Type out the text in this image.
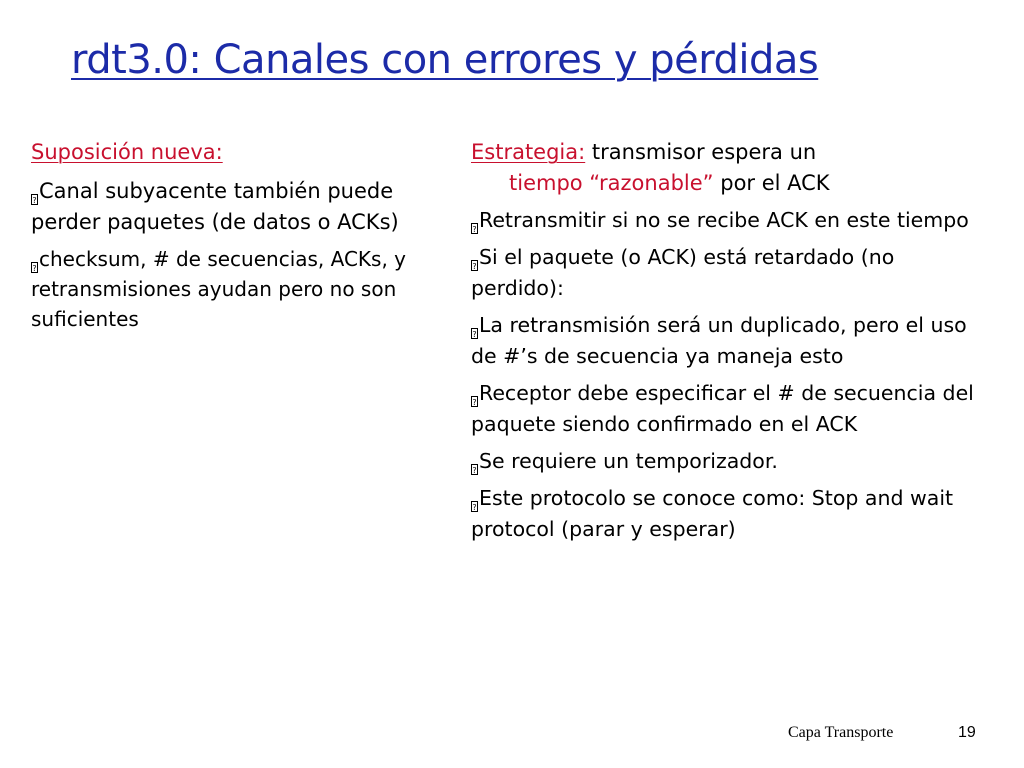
rdt3.0: Canales con errores y pérdidas

Suposición nueva:

? Canal subyacente también puede perder paquetes (de datos o ACKs)
? checksum, # de secuencias, ACKs, y retransmisiones ayudan pero no son suficientes

Estrategia: transmisor espera un

tiempo “razonable” por el ACK

? Retransmitir si no se recibe ACK en este tiempo
? Si el paquete (o ACK) está retardado (no perdido):
? La retransmisión será un duplicado, pero el uso de #’s de secuencia ya maneja esto
? Receptor debe especificar el # de secuencia del paquete siendo confirmado en el ACK
? Se requiere un temporizador.
? Este protocolo se conoce como: Stop and wait protocol (parar y esperar)
Capa Transporte	19
